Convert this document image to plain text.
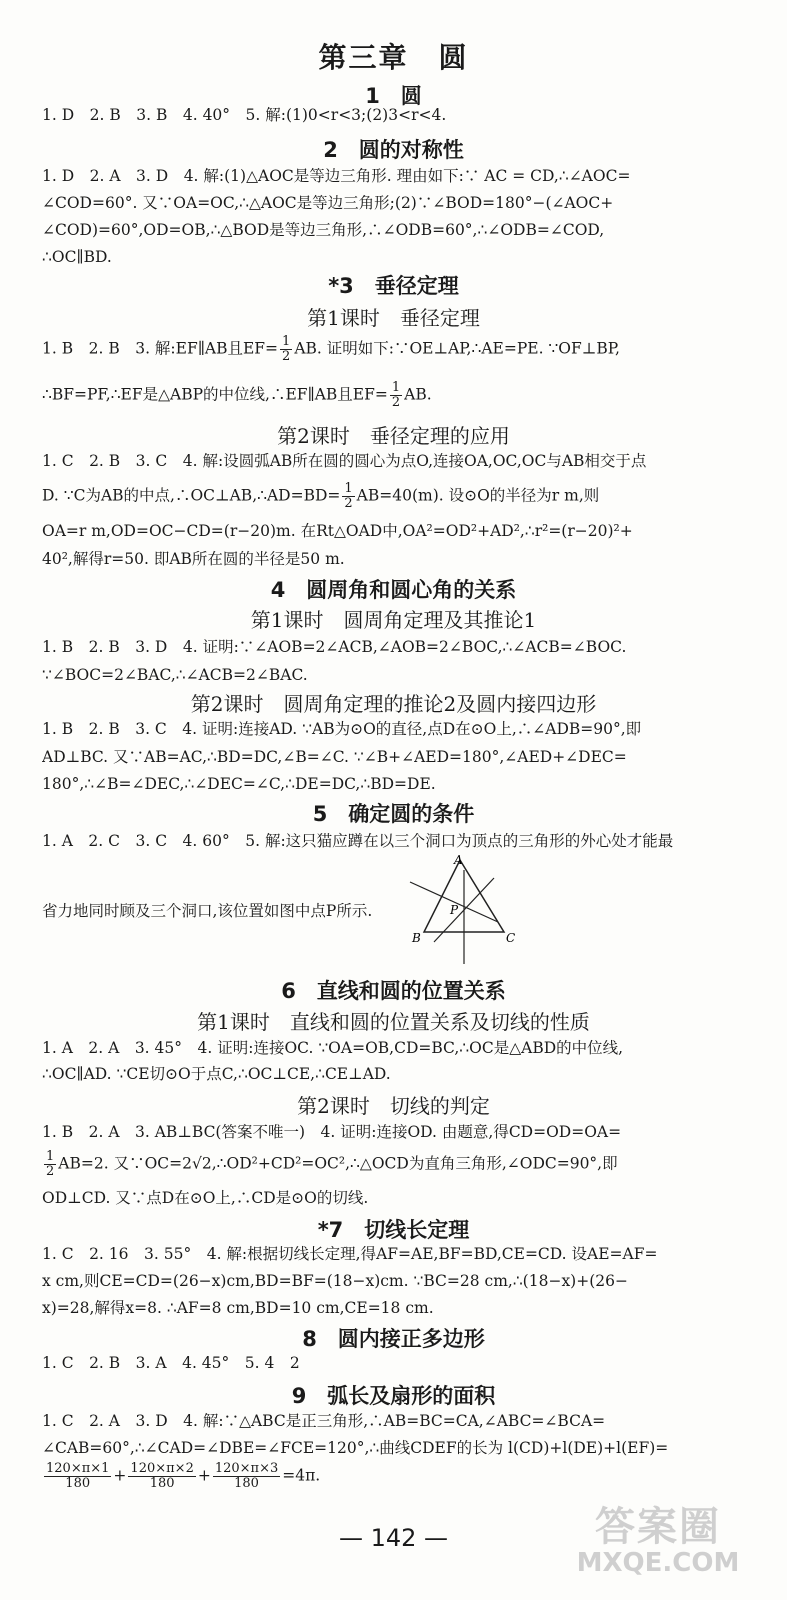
第三章　圆
1　圆
1. D　2. B　3. B　4. 40°　5. 解:(1)0<r<3;(2)3<r<4.
2　圆的对称性
1. D　2. A　3. D　4. 解:(1)△AOC是等边三角形. 理由如下:∵ AC = CD,∴∠AOC=
∠COD=60°. 又∵OA=OC,∴△AOC是等边三角形;(2)∵∠BOD=180°−(∠AOC+
∠COD)=60°,OD=OB,∴△BOD是等边三角形,∴∠ODB=60°,∴∠ODB=∠COD,
∴OC∥BD.
*3　垂径定理
第1课时　垂径定理
1. B　2. B　3. 解:EF∥AB且$EF= \frac{1}{2}$ AB. 证明如下:∵OE⊥AP,∴AE=PE. ∵OF⊥BP,
∴BF=PF,∴EF是△ABP的中位线,∴EF∥AB且$EF= \frac{1}{2}$ AB.
第2课时　垂径定理的应用
1. C　2. B　3. C　4. 解:设圆弧AB所在圆的圆心为点O,连接OA,OC,OC与AB相交于点
D. ∵C为AB的中点,∴OC⊥AB,∴AD=BD= $\frac{1}{2} AB=40(m)$. 设⊙O的半径为r m,则
OA=r m,OD=OC−CD=(r−20)m. 在Rt△OAD中,OA²=OD²+AD²,∴r²=(r−20)²+
40²,解得r=50. 即AB所在圆的半径是50 m.
4　圆周角和圆心角的关系
第1课时　圆周角定理及其推论1
1. B　2. B　3. D　4. 证明:∵∠AOB=2∠ACB,∠AOB=2∠BOC,∴∠ACB=∠BOC.
∵∠BOC=2∠BAC,∴∠ACB=2∠BAC.
第2课时　圆周角定理的推论2及圆内接四边形
1. B　2. B　3. C　4. 证明:连接AD. ∵AB为⊙O的直径,点D在⊙O上,∴∠ADB=90°,即
AD⊥BC. 又∵AB=AC,∴BD=DC,∠B=∠C. ∵∠B+∠AED=180°,∠AED+∠DEC=
180°,∴∠B=∠DEC,∴∠DEC=∠C,∴DE=DC,∴BD=DE.
5　确定圆的条件
1. A　2. C　3. C　4. 60°　5. 解:这只猫应蹲在以三个洞口为顶点的三角形的外心处才能最
省力地同时顾及三个洞口,该位置如图中点P所示.
A
B	C
P
6　直线和圆的位置关系
第1课时　直线和圆的位置关系及切线的性质
1. A　2. A　3. 45°　4. 证明:连接OC. ∵OA=OB,CD=BC,∴OC是△ABD的中位线,
∴OC∥AD. ∵CE切⊙O于点C,∴OC⊥CE,∴CE⊥AD.
第2课时　切线的判定
1. B　2. A　3. AB⊥BC(答案不唯一)　4. 证明:连接OD. 由题意,得CD=OD=OA=
$\frac{1}{2} AB=2$. 又∵OC=2√2,∴OD²+CD²=OC²,∴△OCD为直角三角形,∠ODC=90°,即
OD⊥CD. 又∵点D在⊙O上,∴CD是⊙O的切线.
*7　切线长定理
1. C　2. 16　3. 55°　4. 解:根据切线长定理,得AF=AE,BF=BD,CE=CD. 设AE=AF=
x cm,则CE=CD=(26−x)cm,BD=BF=(18−x)cm. ∵BC=28 cm,∴(18−x)+(26−
x)=28,解得x=8. ∴AF=8 cm,BD=10 cm,CE=18 cm.
8　圆内接正多边形
1. C　2. B　3. A　4. 45°　5. 4　2
9　弧长及扇形的面积
1. C　2. A　3. D　4. 解:∵△ABC是正三角形,∴AB=BC=CA,∠ABC=∠BCA=
∠CAB=60°,∴∠CAD=∠DBE=∠FCE=120°,∴曲线CDEF的长为 l(CD)+l(DE)+l(EF)=
$\frac{120\times\pi\times 1}{180} + \frac{120\times\pi\times 2}{180} + \frac{120\times\pi\times 3}{180} =4\pi$.
— 142 —	答案圈
MXQE.COM
